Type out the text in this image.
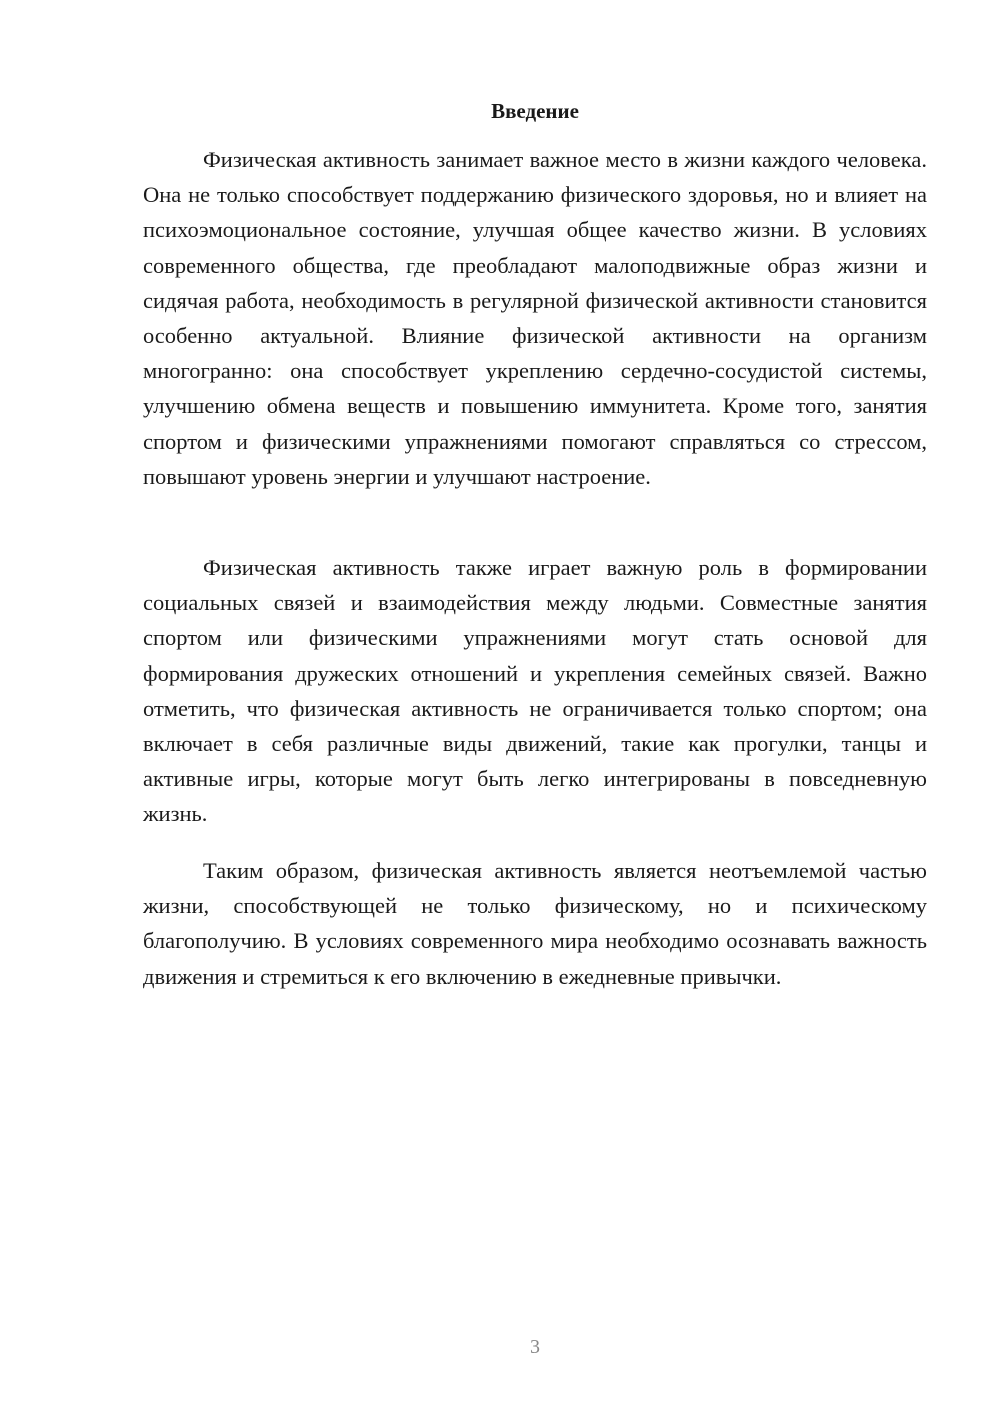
Введение

Физическая активность занимает важное место в жизни каждого человека. Она не только способствует поддержанию физического здоровья, но и влияет на психоэмоциональное состояние, улучшая общее качество жизни. В условиях современного общества, где преобладают малоподвижные образ жизни и сидячая работа, необходимость в регулярной физической активности становится особенно актуальной. Влияние физической активности на организм многогранно: она способствует укреплению сердечно-сосудистой системы, улучшению обмена веществ и повышению иммунитета. Кроме того, занятия спортом и физическими упражнениями помогают справляться со стрессом, повышают уровень энергии и улучшают настроение.

Физическая активность также играет важную роль в формировании социальных связей и взаимодействия между людьми. Совместные занятия спортом или физическими упражнениями могут стать основой для формирования дружеских отношений и укрепления семейных связей. Важно отметить, что физическая активность не ограничивается только спортом; она включает в себя различные виды движений, такие как прогулки, танцы и активные игры, которые могут быть легко интегрированы в повседневную жизнь.

Таким образом, физическая активность является неотъемлемой частью жизни, способствующей не только физическому, но и психическому благополучию. В условиях современного мира необходимо осознавать важность движения и стремиться к его включению в ежедневные привычки.

3
